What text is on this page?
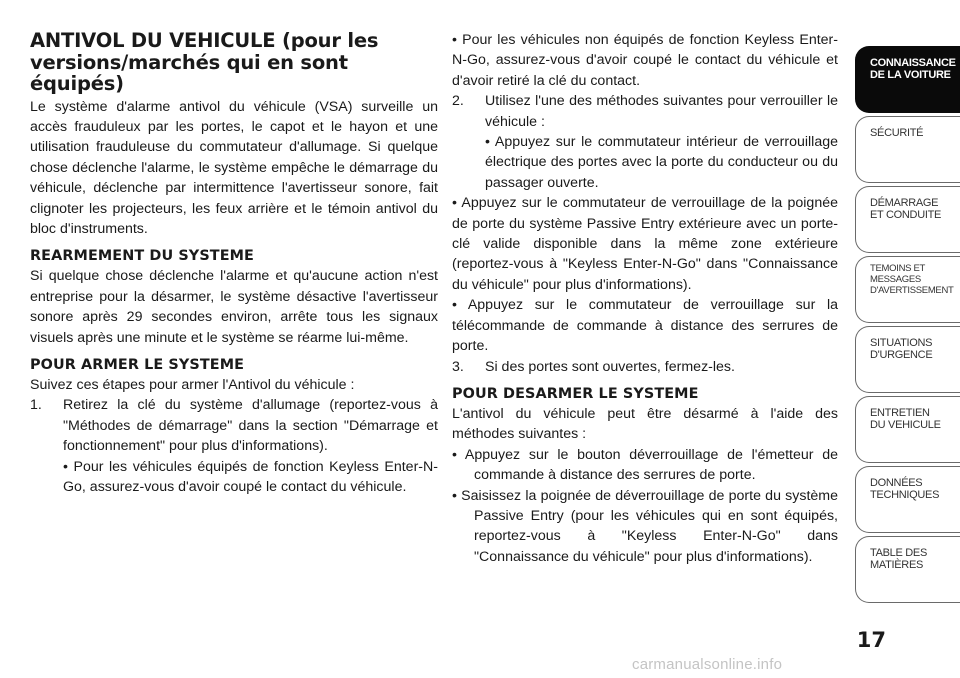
ANTIVOL DU VEHICULE (pour les versions/marchés qui en sont équipés)

Le système d'alarme antivol du véhicule (VSA) surveille un accès frauduleux par les portes, le capot et le hayon et une utilisation frauduleuse du commutateur d'allumage. Si quelque chose déclenche l'alarme, le système empêche le démarrage du véhicule, déclenche par intermittence l'avertisseur sonore, fait clignoter les projecteurs, les feux arrière et le témoin antivol du bloc d'instruments.

REARMEMENT DU SYSTEME

Si quelque chose déclenche l'alarme et qu'aucune action n'est entreprise pour la désarmer, le système désactive l'avertisseur sonore après 29 secondes environ, arrête tous les signaux visuels après une minute et le système se réarme lui-même.

POUR ARMER LE SYSTEME

Suivez ces étapes pour armer l'Antivol du véhicule :

1.	Retirez la clé du système d'allumage (reportez-vous à "Méthodes de démarrage" dans la section "Démarrage et fonctionnement" pour plus d'informations).

• Pour les véhicules équipés de fonction Keyless Enter-N-Go, assurez-vous d'avoir coupé le contact du véhicule.

• Pour les véhicules non équipés de fonction Keyless Enter-N-Go, assurez-vous d'avoir coupé le contact du véhicule et d'avoir retiré la clé du contact.

2.	Utilisez l'une des méthodes suivantes pour verrouiller le véhicule :

• Appuyez sur le commutateur intérieur de verrouillage électrique des portes avec la porte du conducteur ou du passager ouverte.

• Appuyez sur le commutateur de verrouillage de la poignée de porte du système Passive Entry extérieure avec un porte-clé valide disponible dans la même zone extérieure (reportez-vous à "Keyless Enter-N-Go" dans "Connaissance du véhicule" pour plus d'informations).

• Appuyez sur le commutateur de verrouillage sur la télécommande de commande à distance des serrures de porte.

3.	Si des portes sont ouvertes, fermez-les.

POUR DESARMER LE SYSTEME

L'antivol du véhicule peut être désarmé à l'aide des méthodes suivantes :

• Appuyez sur le bouton déverrouillage de l'émetteur de commande à distance des serrures de porte.

• Saisissez la poignée de déverrouillage de porte du système Passive Entry (pour les véhicules qui en sont équipés, reportez-vous à "Keyless Enter-N-Go" dans "Connaissance du véhicule" pour plus d'informations).

CONNAISSANCE
DE LA VOITURE
SÉCURITÉ
DÉMARRAGE
ET CONDUITE
TEMOINS ET
MESSAGES
D'AVERTISSEMENT
SITUATIONS
D'URGENCE
ENTRETIEN
DU VEHICULE
DONNÉES
TECHNIQUES
TABLE DES
MATIÈRES
17
carmanualsonline.info
